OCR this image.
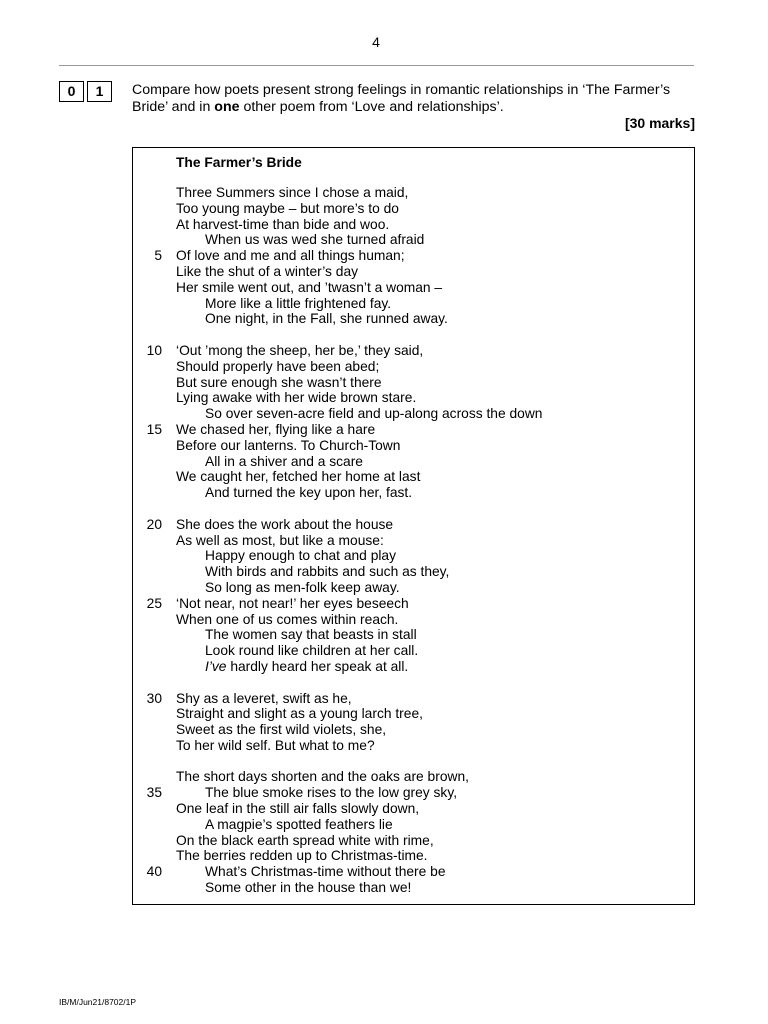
4
0	1	Compare how poets present strong feelings in romantic relationships in ‘The Farmer’s Bride’ and in one other poem from ‘Love and relationships’.
[30 marks]
The Farmer’s Bride
Three Summers since I chose a maid,
Too young maybe – but more’s to do
At harvest-time than bide and woo.
When us was wed she turned afraid
5 Of love and me and all things human;
Like the shut of a winter’s day
Her smile went out, and ’twasn’t a woman –
More like a little frightened fay.
One night, in the Fall, she runned away.
10 ‘Out ’mong the sheep, her be,’ they said,
Should properly have been abed;
But sure enough she wasn’t there
Lying awake with her wide brown stare.
So over seven-acre field and up-along across the down
15 We chased her, flying like a hare
Before our lanterns. To Church-Town
All in a shiver and a scare
We caught her, fetched her home at last
And turned the key upon her, fast.
20 She does the work about the house
As well as most, but like a mouse:
Happy enough to chat and play
With birds and rabbits and such as they,
So long as men-folk keep away.
25 ‘Not near, not near!’ her eyes beseech
When one of us comes within reach.
The women say that beasts in stall
Look round like children at her call.
I’ve hardly heard her speak at all.
30 Shy as a leveret, swift as he,
Straight and slight as a young larch tree,
Sweet as the first wild violets, she,
To her wild self. But what to me?
The short days shorten and the oaks are brown,
35	The blue smoke rises to the low grey sky,
One leaf in the still air falls slowly down,
A magpie’s spotted feathers lie
On the black earth spread white with rime,
The berries redden up to Christmas-time.
40	What’s Christmas-time without there be
Some other in the house than we!
IB/M/Jun21/8702/1P
